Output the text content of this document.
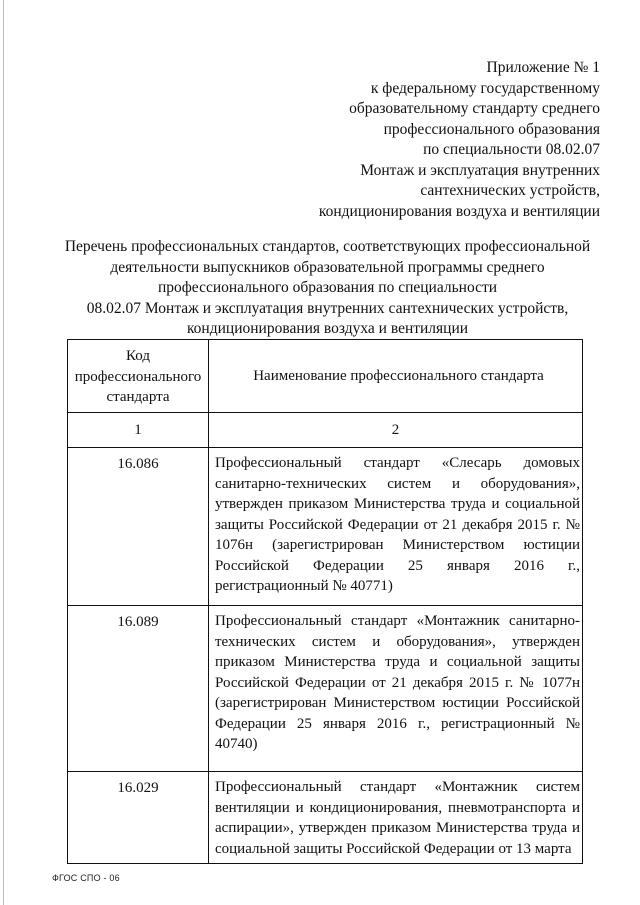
Приложение № 1
к федеральному государственному
образовательному стандарту среднего
профессионального образования
по специальности 08.02.07
Монтаж и эксплуатация внутренних
сантехнических устройств,
кондиционирования воздуха и вентиляции
Перечень профессиональных стандартов, соответствующих профессиональной
деятельности выпускников образовательной программы среднего
профессионального образования по специальности
08.02.07 Монтаж и эксплуатация внутренних сантехнических устройств,
кондиционирования воздуха и вентиляции
Код
профессионального
стандарта	Наименование профессионального стандарта
1	2
16.086	Профессиональный стандарт «Слесарь домовых санитарно-технических систем и оборудования», утвержден приказом Министерства труда и социальной защиты Российской Федерации от 21 декабря 2015 г. № 1076н (зарегистрирован Министерством юстиции Российской Федерации 25 января 2016 г., регистрационный № 40771)
16.089	Профессиональный стандарт «Монтажник санитарно-технических систем и оборудования», утвержден приказом Министерства труда и социальной защиты Российской Федерации от 21 декабря 2015 г. № 1077н (зарегистрирован Министерством юстиции Российской Федерации 25 января 2016 г., регистрационный № 40740)
16.029	Профессиональный стандарт «Монтажник систем вентиляции и кондиционирования, пневмотранспорта и аспирации», утвержден приказом Министерства труда и социальной защиты Российской Федерации от 13 марта
ФГОС СПО - 06
